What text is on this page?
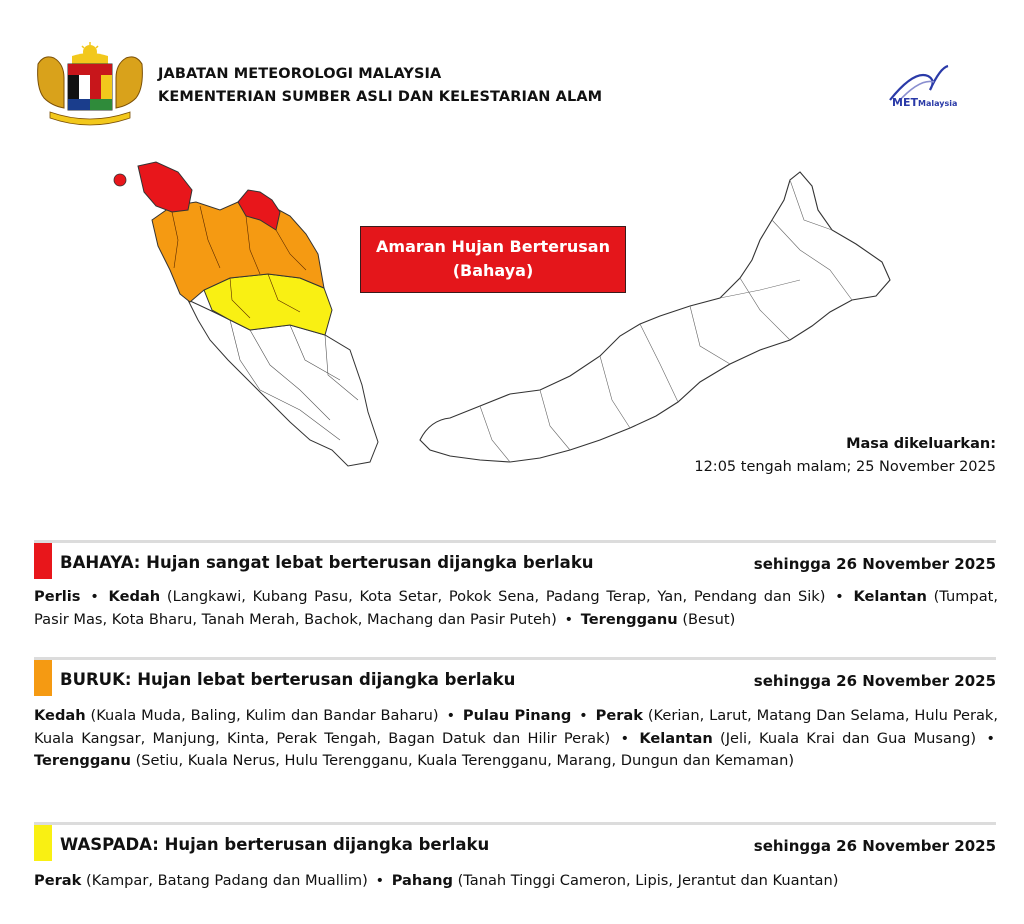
JABATAN METEOROLOGI MALAYSIA
KEMENTERIAN SUMBER ASLI DAN KELESTARIAN ALAM	MET Malaysia
Amaran Hujan Berterusan
(Bahaya)
Masa dikeluarkan:
12:05 tengah malam; 25 November 2025
BAHAYA: Hujan sangat lebat berterusan dijangka berlaku	sehingga 26 November 2025
Perlis • Kedah (Langkawi, Kubang Pasu, Kota Setar, Pokok Sena, Padang Terap, Yan, Pendang dan Sik) • Kelantan (Tumpat, Pasir Mas, Kota Bharu, Tanah Merah, Bachok, Machang dan Pasir Puteh) • Terengganu (Besut)
BURUK: Hujan lebat berterusan dijangka berlaku	sehingga 26 November 2025
Kedah (Kuala Muda, Baling, Kulim dan Bandar Baharu) • Pulau Pinang • Perak (Kerian, Larut, Matang Dan Selama, Hulu Perak, Kuala Kangsar, Manjung, Kinta, Perak Tengah, Bagan Datuk dan Hilir Perak) • Kelantan (Jeli, Kuala Krai dan Gua Musang) • Terengganu (Setiu, Kuala Nerus, Hulu Terengganu, Kuala Terengganu, Marang, Dungun dan Kemaman)
WASPADA: Hujan berterusan dijangka berlaku	sehingga 26 November 2025
Perak (Kampar, Batang Padang dan Muallim) • Pahang (Tanah Tinggi Cameron, Lipis, Jerantut dan Kuantan)
